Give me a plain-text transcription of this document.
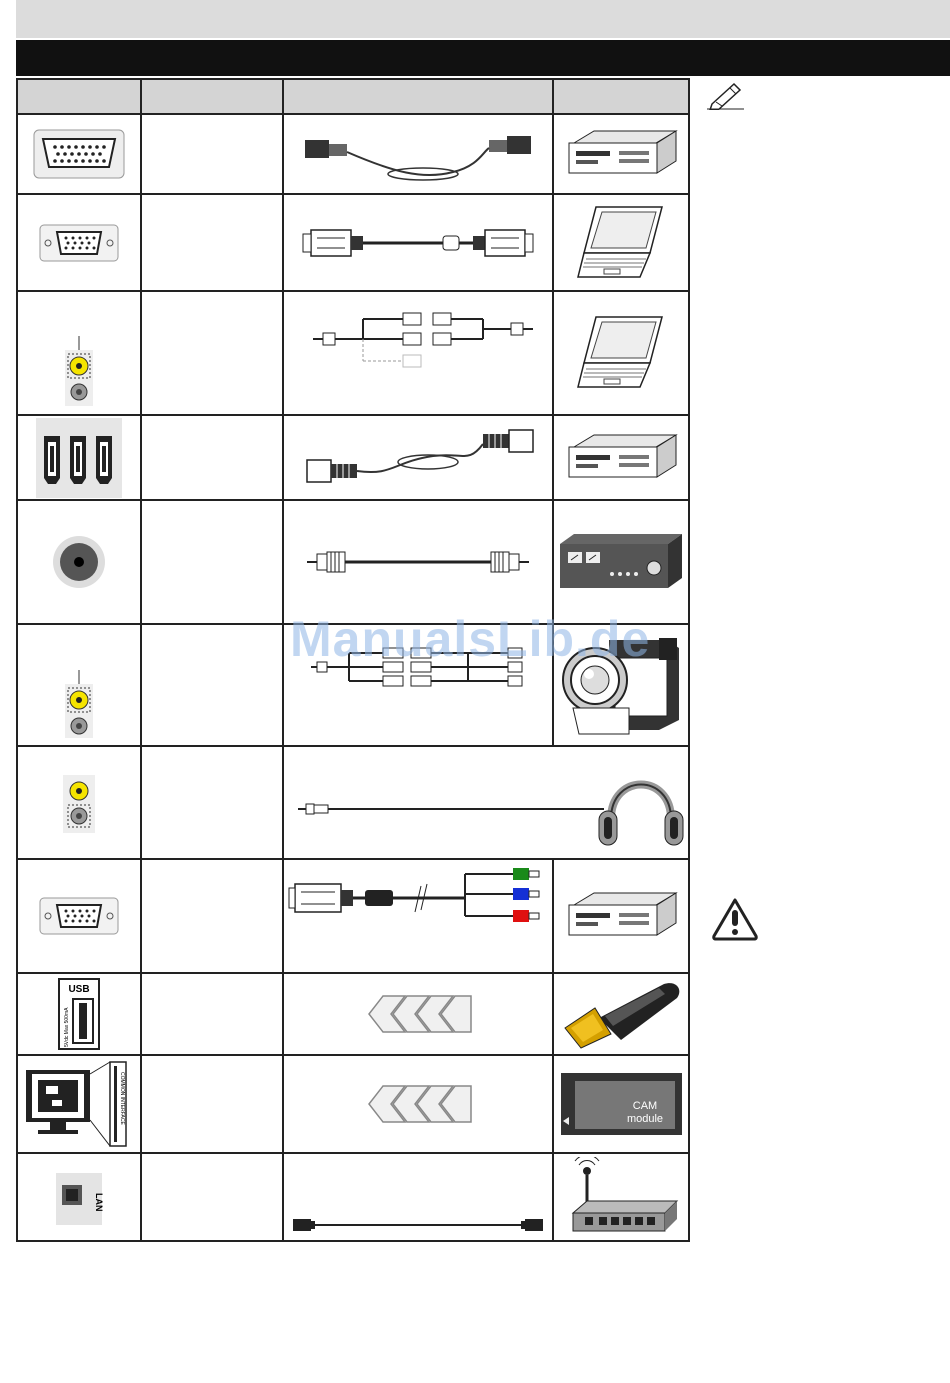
USB
5Vdc Max 500mA

COMMON INTERFACE			CAM
module

LAN

ManualsLib.de
